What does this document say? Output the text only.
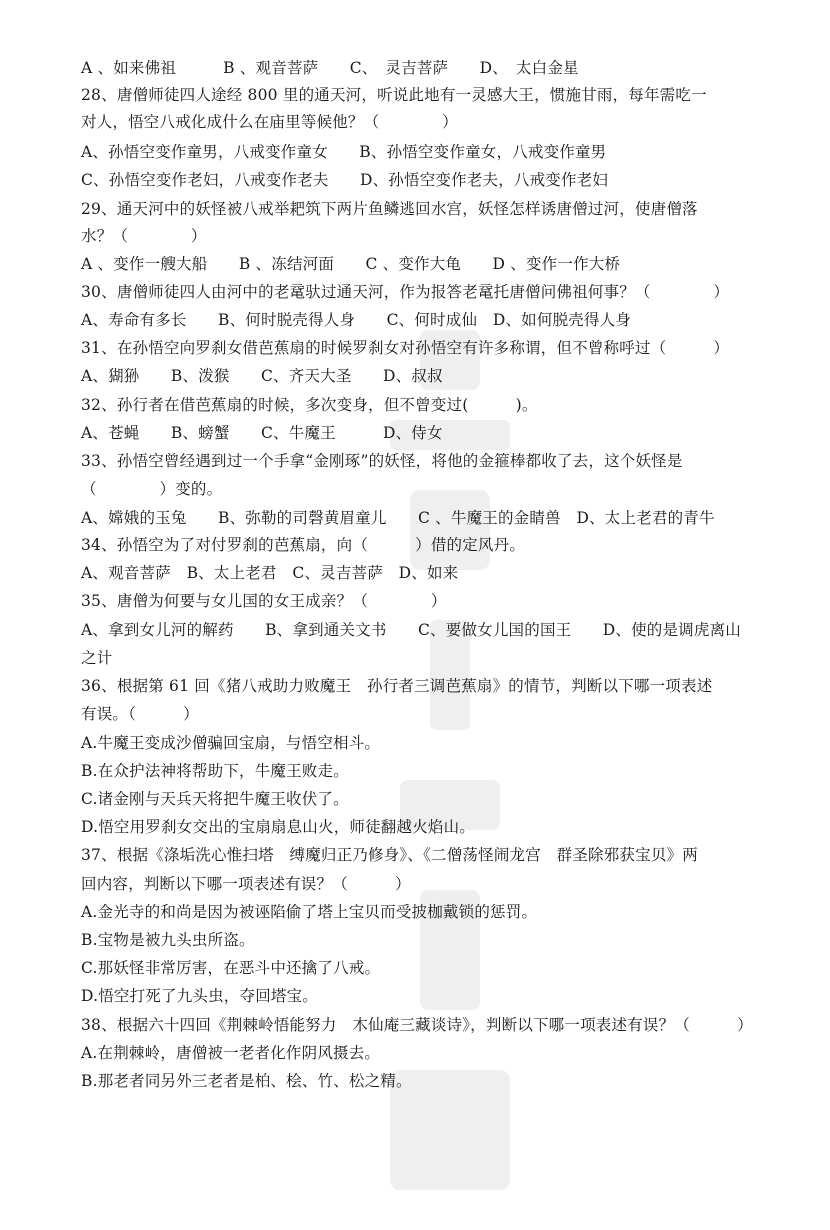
A 、如来佛祖　　　B 、观音菩萨　　C、　灵吉菩萨　　D、　太白金星
28、唐僧师徒四人途经 800 里的通天河，听说此地有一灵感大王，惯施甘雨，每年需吃一
对人，悟空八戒化成什么在庙里等候他？（　　　　）
A、孙悟空变作童男，八戒变作童女　　B、孙悟空变作童女，八戒变作童男
C、孙悟空变作老妇，八戒变作老夫　　D、孙悟空变作老夫，八戒变作老妇
29、通天河中的妖怪被八戒举耙筑下两片鱼鳞逃回水宫，妖怪怎样诱唐僧过河，使唐僧落
水？（　　　　）
A 、变作一艘大船　　B 、冻结河面　　C 、变作大龟　　D 、变作一作大桥
30、唐僧师徒四人由河中的老鼋驮过通天河，作为报答老鼋托唐僧问佛祖何事？（　　　　）
A、寿命有多长　　B、何时脱壳得人身　　C、何时成仙　D、如何脱壳得人身
31、在孙悟空向罗刹女借芭蕉扇的时候罗刹女对孙悟空有许多称谓，但不曾称呼过（　　　）
A、猢狲　　B、泼猴　　C、齐天大圣　　D、叔叔
32、孙行者在借芭蕉扇的时候，多次变身，但不曾变过(　　　)。
A、苍蝇　　B、螃蟹　　C、牛魔王　　　D、侍女
33、孙悟空曾经遇到过一个手拿“金刚琢”的妖怪，将他的金箍棒都收了去，这个妖怪是
（　　　　）变的。
A、嫦娥的玉兔　　B、弥勒的司磬黄眉童儿　　C 、牛魔王的金睛兽　D、太上老君的青牛
34、孙悟空为了对付罗刹的芭蕉扇，向（　　　）借的定风丹。
A、观音菩萨　B、太上老君　C、灵吉菩萨　D、如来
35、唐僧为何要与女儿国的女王成亲？（　　　　）
A、拿到女儿河的解药　　B、拿到通关文书　　C、要做女儿国的国王　　D、使的是调虎离山
之计
36、根据第 61 回《猪八戒助力败魔王　孙行者三调芭蕉扇》的情节，判断以下哪一项表述
有误。（　　　）
A.牛魔王变成沙僧骗回宝扇，与悟空相斗。
B.在众护法神将帮助下，牛魔王败走。
C.诸金刚与天兵天将把牛魔王收伏了。
D.悟空用罗刹女交出的宝扇扇息山火，师徒翻越火焰山。
37、根据《涤垢洗心惟扫塔　缚魔归正乃修身》、《二僧荡怪闹龙宫　群圣除邪获宝贝》两
回内容，判断以下哪一项表述有误？（　　　）
A.金光寺的和尚是因为被诬陷偷了塔上宝贝而受披枷戴锁的惩罚。
B.宝物是被九头虫所盗。
C.那妖怪非常厉害，在恶斗中还擒了八戒。
D.悟空打死了九头虫，夺回塔宝。
38、根据六十四回《荆棘岭悟能努力　木仙庵三藏谈诗》，判断以下哪一项表述有误？（　　　）
A.在荆棘岭，唐僧被一老者化作阴风摄去。
B.那老者同另外三老者是柏、桧、竹、松之精。
